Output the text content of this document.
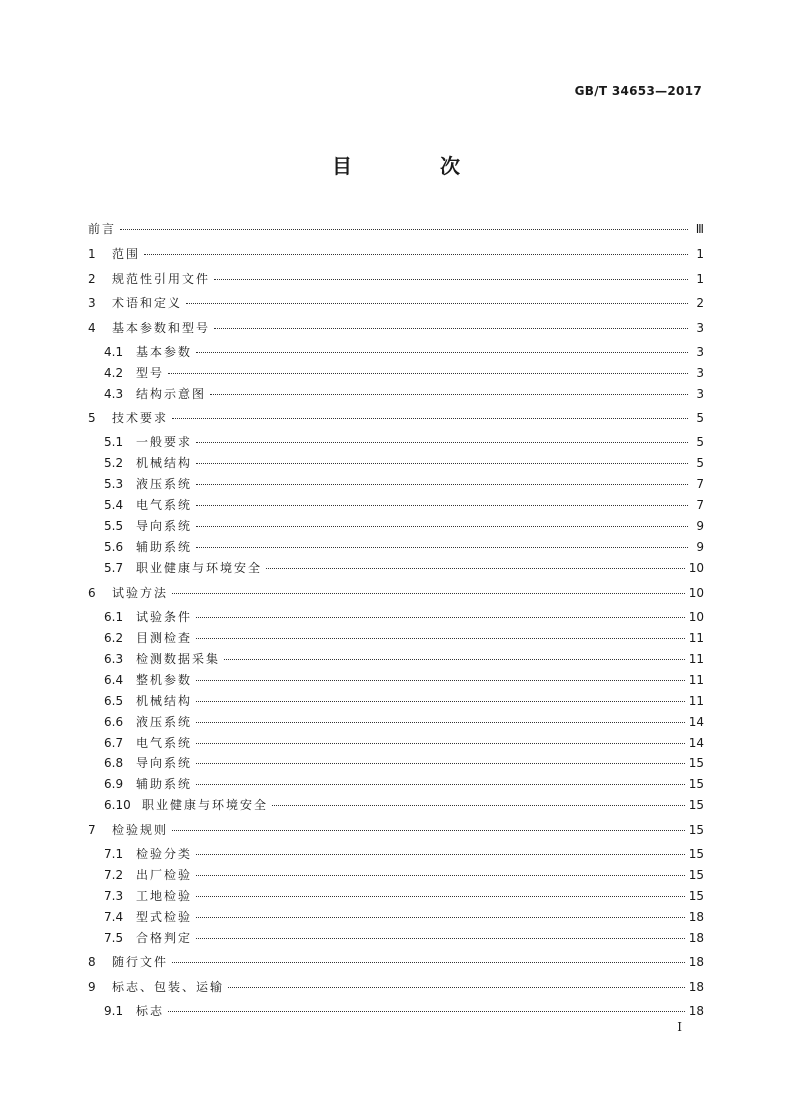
GB/T 34653—2017
目　次
前言	Ⅲ
1	范围	1
2	规范性引用文件	1
3	术语和定义	2
4	基本参数和型号	3
4.1	基本参数	3
4.2	型号	3
4.3	结构示意图	3
5	技术要求	5
5.1	一般要求	5
5.2	机械结构	5
5.3	液压系统	7
5.4	电气系统	7
5.5	导向系统	9
5.6	辅助系统	9
5.7	职业健康与环境安全	10
6	试验方法	10
6.1	试验条件	10
6.2	目测检查	11
6.3	检测数据采集	11
6.4	整机参数	11
6.5	机械结构	11
6.6	液压系统	14
6.7	电气系统	14
6.8	导向系统	15
6.9	辅助系统	15
6.10 职业健康与环境安全	15
7	检验规则	15
7.1	检验分类	15
7.2	出厂检验	15
7.3	工地检验	15
7.4	型式检验	18
7.5	合格判定	18
8	随行文件	18
9	标志、包装、运输	18
9.1	标志	18
I
